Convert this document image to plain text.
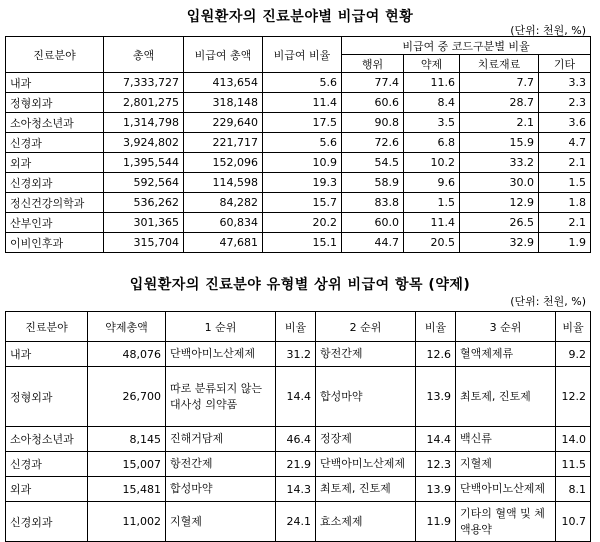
입원환자의 진료분야별 비급여 현황
(단위: 천원, %)
진료분야	총액	비급여 총액	비급여 비율	비급여 중 코드구분별 비율			
				행위	약제	치료재료	기타
내과	7,333,727	413,654	5.6	77.4	11.6	7.7	3.3
정형외과	2,801,275	318,148	11.4	60.6	8.4	28.7	2.3
소아청소년과	1,314,798	229,640	17.5	90.8	3.5	2.1	3.6
신경과	3,924,802	221,717	5.6	72.6	6.8	15.9	4.7
외과	1,395,544	152,096	10.9	54.5	10.2	33.2	2.1
신경외과	592,564	114,598	19.3	58.9	9.6	30.0	1.5
정신건강의학과	536,262	84,282	15.7	83.8	1.5	12.9	1.8
산부인과	301,365	60,834	20.2	60.0	11.4	26.5	2.1
이비인후과	315,704	47,681	15.1	44.7	20.5	32.9	1.9
입원환자의 진료분야 유형별 상위 비급여 항목 (약제)
(단위: 천원, %)
진료분야	약제총액	1 순위	비율	2 순위	비율	3 순위	비율
내과	48,076	단백아미노산제제	31.2	항전간제	12.6	혈액제제류	9.2
정형외과	26,700	따로 분류되지 않는 대사성 의약품	14.4	합성마약	13.9	최토제, 진토제	12.2
소아청소년과	8,145	진해거담제	46.4	정장제	14.4	백신류	14.0
신경과	15,007	항전간제	21.9	단백아미노산제제	12.3	지혈제	11.5
외과	15,481	합성마약	14.3	최토제, 진토제	13.9	단백아미노산제제	8.1
신경외과	11,002	지혈제	24.1	효소제제	11.9	기타의 혈액 및 체액용약	10.7
